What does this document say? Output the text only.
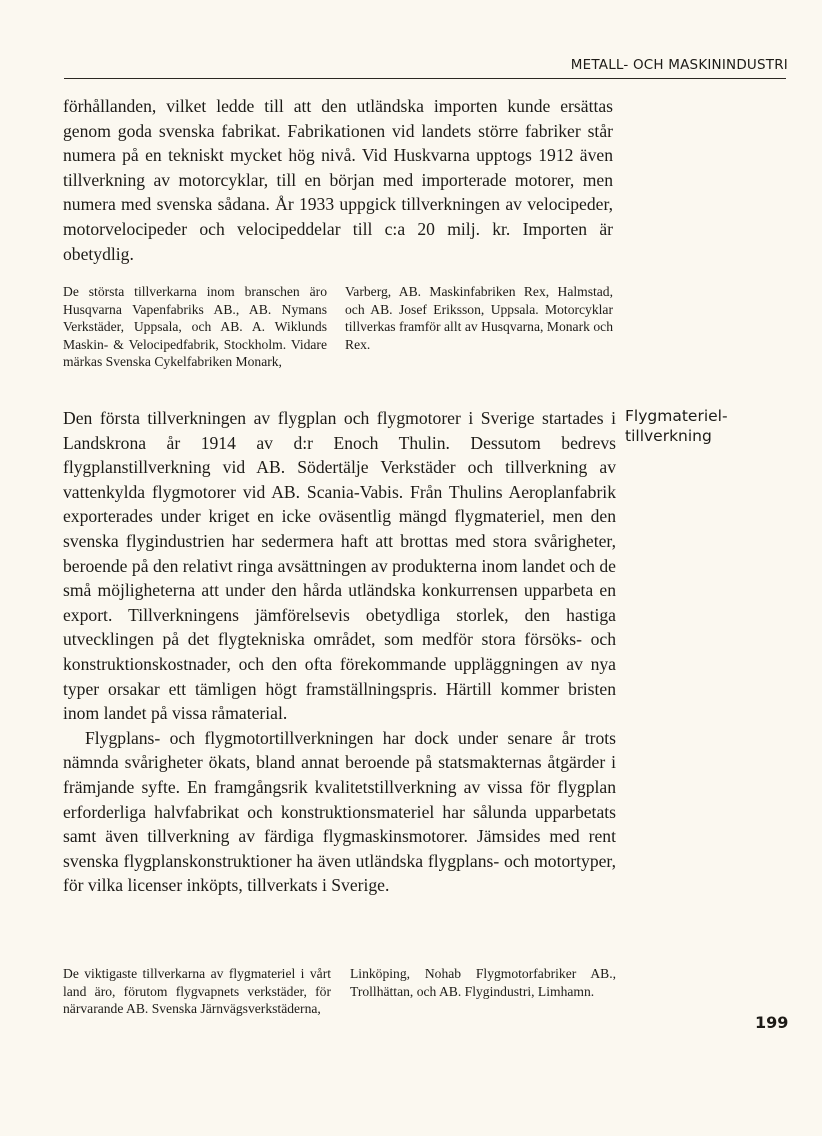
METALL- OCH MASKININDUSTRI

förhållanden, vilket ledde till att den utländska importen kunde ersättas genom goda svenska fabrikat. Fabrikationen vid landets större fabriker står numera på en tekniskt mycket hög nivå. Vid Huskvarna upptogs 1912 även tillverkning av motorcyklar, till en början med importerade motorer, men numera med svenska sådana. År 1933 uppgick tillverkningen av velocipeder, motorvelocipeder och velocipeddelar till c:a 20 milj. kr. Importen är obetydlig.

De största tillverkarna inom branschen äro Husqvarna Vapenfabriks AB., AB. Nymans Verkstäder, Uppsala, och AB. A. Wiklunds Maskin- & Velocipedfabrik, Stockholm. Vidare märkas Svenska Cykelfabriken Monark,

Varberg, AB. Maskinfabriken Rex, Halmstad, och AB. Josef Eriksson, Uppsala. Motorcyklar tillverkas framför allt av Husqvarna, Monark och Rex.

Flygmateriel-
tillverkning

Den första tillverkningen av flygplan och flygmotorer i Sverige startades i Landskrona år 1914 av d:r Enoch Thulin. Dessutom bedrevs flygplanstillverkning vid AB. Södertälje Verkstäder och tillverkning av vattenkylda flygmotorer vid AB. Scania-Vabis. Från Thulins Aeroplanfabrik exporterades under kriget en icke oväsentlig mängd flygmateriel, men den svenska flygindustrien har sedermera haft att brottas med stora svårigheter, beroende på den relativt ringa avsättningen av produkterna inom landet och de små möjligheterna att under den hårda utländska konkurrensen upparbeta en export. Tillverkningens jämförelsevis obetydliga storlek, den hastiga utvecklingen på det flygtekniska området, som medför stora försöks- och konstruktionskostnader, och den ofta förekommande uppläggningen av nya typer orsakar ett tämligen högt framställningspris. Härtill kommer bristen inom landet på vissa råmaterial.

Flygplans- och flygmotortillverkningen har dock under senare år trots nämnda svårigheter ökats, bland annat beroende på statsmakternas åtgärder i främjande syfte. En framgångsrik kvalitetstillverkning av vissa för flygplan erforderliga halvfabrikat och konstruktionsmateriel har sålunda upparbetats samt även tillverkning av färdiga flygmaskinsmotorer. Jämsides med rent svenska flygplanskonstruktioner ha även utländska flygplans- och motortyper, för vilka licenser inköpts, tillverkats i Sverige.

De viktigaste tillverkarna av flygmateriel i vårt land äro, förutom flygvapnets verkstäder, för närvarande AB. Svenska Järnvägsverkstäderna,

Linköping, Nohab Flygmotorfabriker AB., Trollhättan, och AB. Flygindustri, Limhamn.

199
